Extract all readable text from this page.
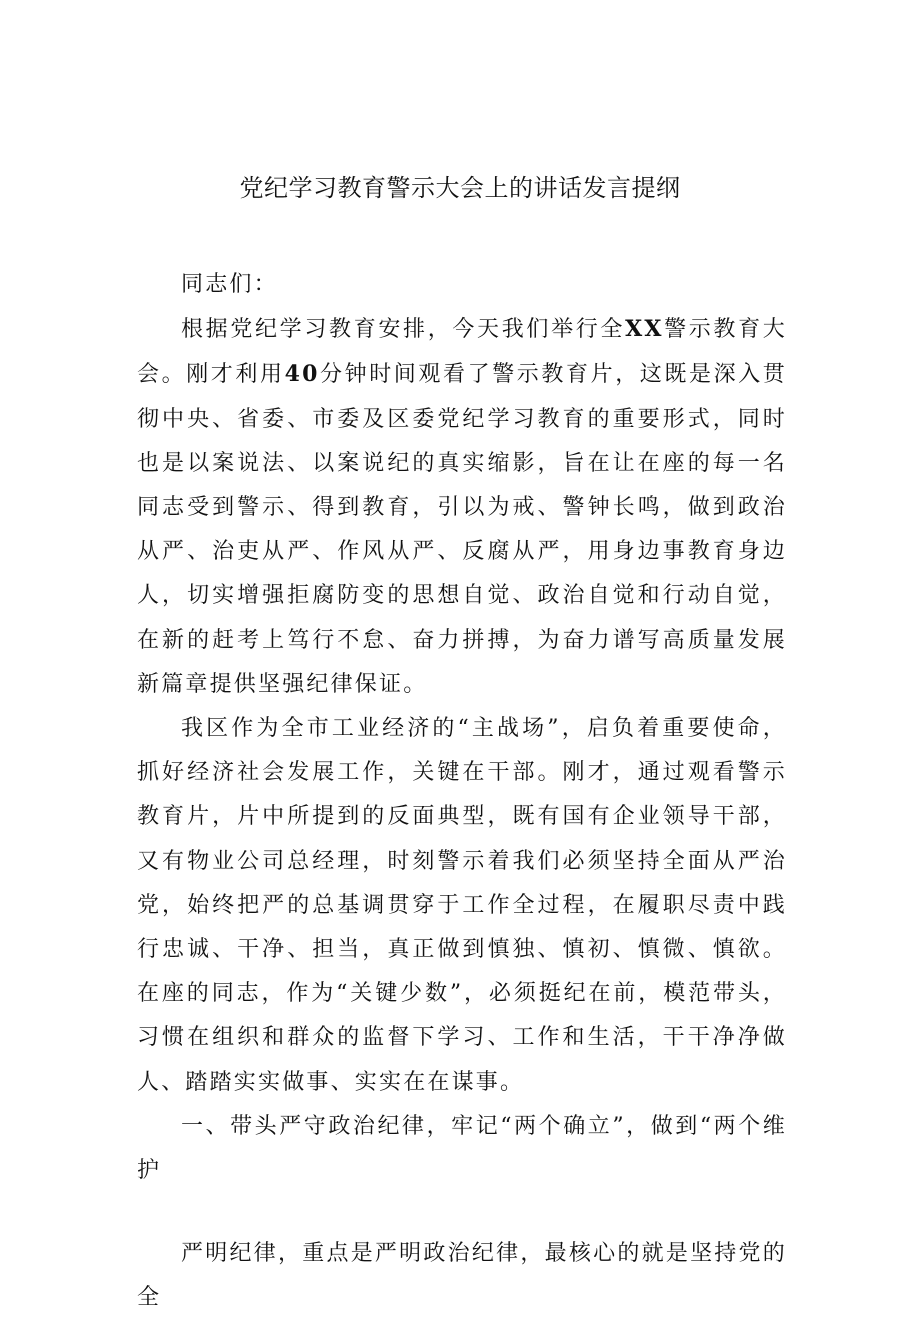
党纪学习教育警示大会上的讲话发言提纲

同志们：

根据党纪学习教育安排，今天我们举行全XX警示教育大会。刚才利用40分钟时间观看了警示教育片，这既是深入贯彻中央、省委、市委及区委党纪学习教育的重要形式，同时也是以案说法、以案说纪的真实缩影，旨在让在座的每一名同志受到警示、得到教育，引以为戒、警钟长鸣，做到政治从严、治吏从严、作风从严、反腐从严，用身边事教育身边人，切实增强拒腐防变的思想自觉、政治自觉和行动自觉，在新的赶考上笃行不怠、奋力拼搏，为奋力谱写高质量发展新篇章提供坚强纪律保证。

我区作为全市工业经济的“主战场”，启负着重要使命，抓好经济社会发展工作，关键在干部。刚才，通过观看警示教育片，片中所提到的反面典型，既有国有企业领导干部，又有物业公司总经理，时刻警示着我们必须坚持全面从严治党，始终把严的总基调贯穿于工作全过程，在履职尽责中践行忠诚、干净、担当，真正做到慎独、慎初、慎微、慎欲。在座的同志，作为“关键少数”，必须挺纪在前，模范带头，习惯在组织和群众的监督下学习、工作和生活，干干净净做人、踏踏实实做事、实实在在谋事。

一、带头严守政治纪律，牢记“两个确立”，做到“两个维护

严明纪律，重点是严明政治纪律，最核心的就是坚持党的全
